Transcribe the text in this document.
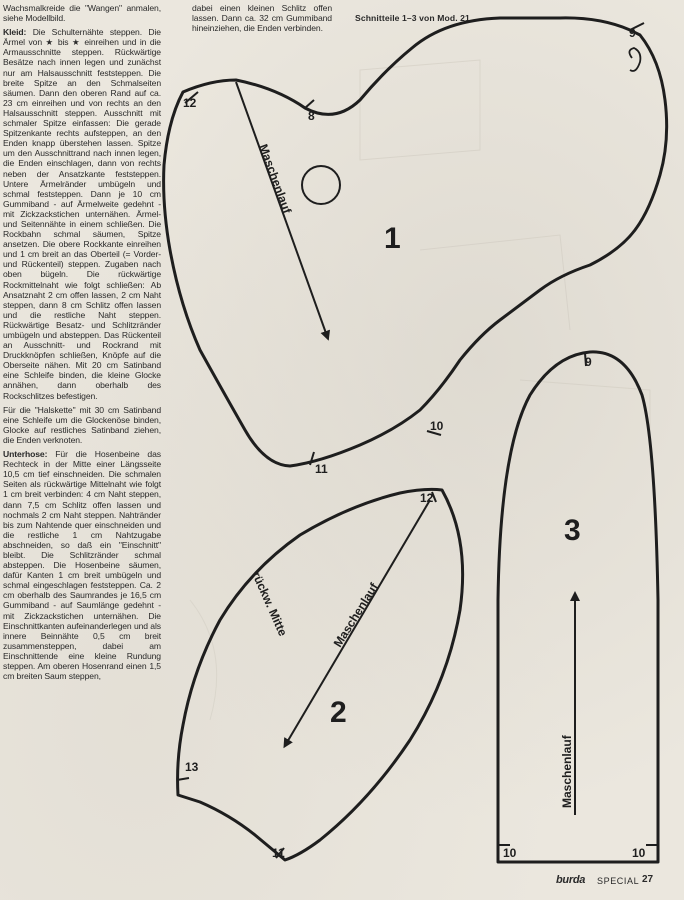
Wachsmalkreide die "Wangen" anmalen, siehe Modellbild.

Kleid: Die Schulternähte steppen. Die Ärmel von ★ bis ★ einreihen und in die Armausschnitte steppen. Rückwärtige Besätze nach innen legen und zunächst nur am Halsausschnitt feststeppen. Die breite Spitze an den Schmalseiten säumen. Dann den oberen Rand auf ca. 23 cm einreihen und von rechts an den Halsausschnitt steppen. Ausschnitt mit schmaler Spitze einfassen: Die gerade Spitzenkante rechts aufsteppen, an den Enden knapp überstehen lassen. Spitze um den Ausschnittrand nach innen legen, die Enden einschlagen, dann von rechts neben der Ansatzkante feststeppen. Untere Ärmelränder umbügeln und schmal feststeppen. Dann je 10 cm Gummiband - auf Ärmelweite gedehnt - mit Zickzackstichen unternähen. Ärmel- und Seitennähte in einem schließen. Die Rockbahn schmal säumen, Spitze ansetzen. Die obere Rockkante einreihen und 1 cm breit an das Oberteil (= Vorder- und Rückenteil) steppen. Zugaben nach oben bügeln. Die rückwärtige Rockmittelnaht wie folgt schließen: Ab Ansatznaht 2 cm offen lassen, 2 cm Naht steppen, dann 8 cm Schlitz offen lassen und die restliche Naht steppen. Rückwärtige Besatz- und Schlitzränder umbügeln und absteppen. Das Rückenteil an Ausschnitt- und Rockrand mit Druckknöpfen schließen, Knöpfe auf die Oberseite nähen. Mit 20 cm Satinband eine Schleife binden, die kleine Glocke annähen, dann oberhalb des Rockschlitzes befestigen.

Für die "Halskette" mit 30 cm Satinband eine Schleife um die Glockenöse binden, Glocke auf restliches Satinband ziehen, die Enden verknoten.

Unterhose: Für die Hosenbeine das Rechteck in der Mitte einer Längsseite 10,5 cm tief einschneiden. Die schmalen Seiten als rückwärtige Mittelnaht wie folgt 1 cm breit verbinden: 4 cm Naht steppen, dann 7,5 cm Schlitz offen lassen und nochmals 2 cm Naht steppen. Nahtränder bis zum Nahtende quer einschneiden und die restliche 1 cm Nahtzugabe abschneiden, so daß ein "Einschnitt" bleibt. Die Schlitzränder schmal absteppen. Die Hosenbeine säumen, dafür Kanten 1 cm breit umbügeln und schmal eingeschlagen feststeppen. Ca. 2 cm oberhalb des Saumrandes je 16,5 cm Gummiband - auf Saumlänge gedehnt - mit Zickzackstichen unternähen. Die Einschnittkanten aufeinanderlegen und als innere Beinnähte 0,5 cm breit zusammensteppen, dabei am Einschnittende eine kleine Rundung steppen. Am oberen Hosenrand einen 1,5 cm breiten Saum steppen,

dabei einen kleinen Schlitz offen lassen. Dann ca. 32 cm Gummiband hineinziehen, die Enden verbinden.

Schnitteile 1–3 von Mod. 21
Maschenlauf
1
12
8
9
10
11
Maschenlauf
rückw. Mitte
2
12
13
11
Maschenlauf
3
9
10	10
burda SPECIAL 27
